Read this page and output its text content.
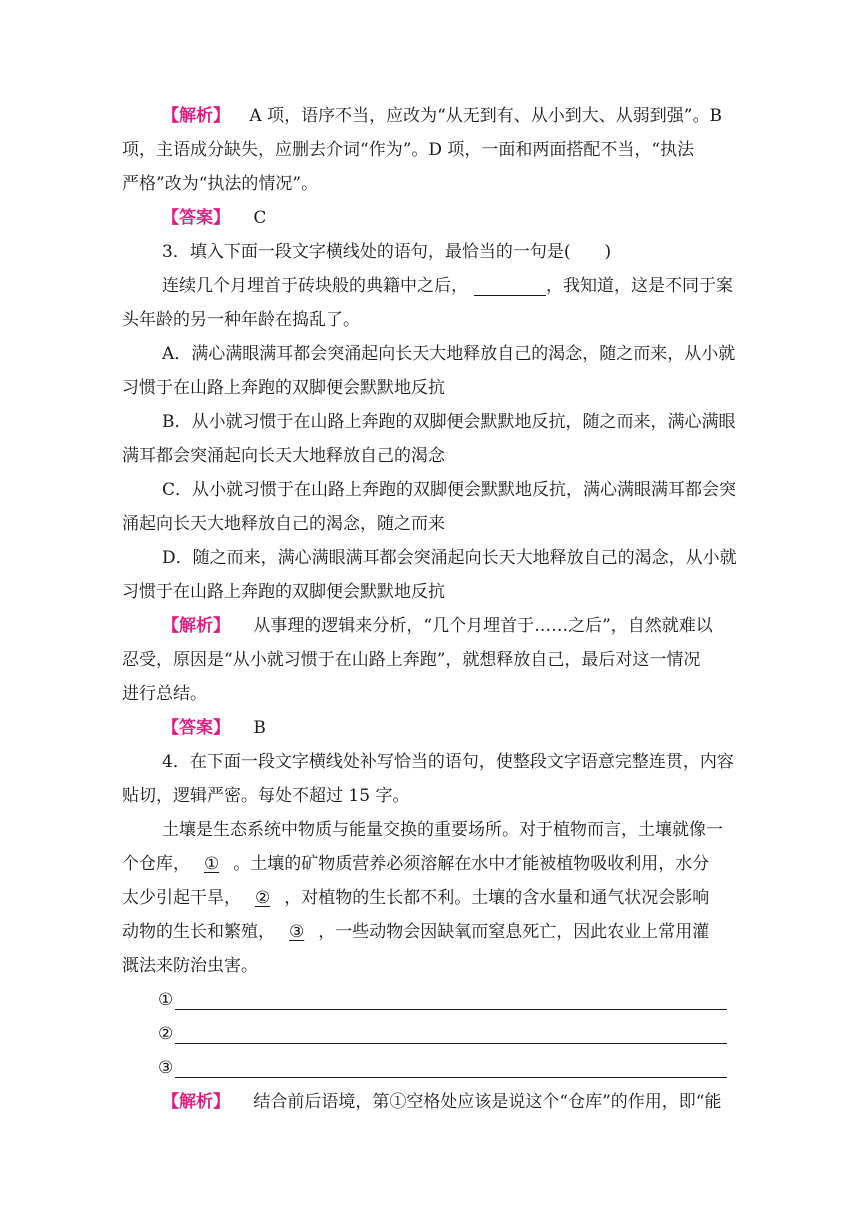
【解析】 A 项，语序不当，应改为“从无到有、从小到大、从弱到强”。B
项，主语成分缺失，应删去介词“作为”。D 项，一面和两面搭配不当，“执法
严格”改为“执法的情况”。
【答案】 C
3．填入下面一段文字横线处的语句，最恰当的一句是(　　)
连续几个月埋首于砖块般的典籍中之后，	，我知道，这是不同于案
头年龄的另一种年龄在捣乱了。
A．满心满眼满耳都会突涌起向长天大地释放自己的渴念，随之而来，从小就
习惯于在山路上奔跑的双脚便会默默地反抗
B．从小就习惯于在山路上奔跑的双脚便会默默地反抗，随之而来，满心满眼
满耳都会突涌起向长天大地释放自己的渴念
C．从小就习惯于在山路上奔跑的双脚便会默默地反抗，满心满眼满耳都会突
涌起向长天大地释放自己的渴念，随之而来
D．随之而来，满心满眼满耳都会突涌起向长天大地释放自己的渴念，从小就
习惯于在山路上奔跑的双脚便会默默地反抗
【解析】 从事理的逻辑来分析，“几个月埋首于……之后”，自然就难以
忍受，原因是“从小就习惯于在山路上奔跑”，就想释放自己，最后对这一情况
进行总结。
【答案】 B
4．在下面一段文字横线处补写恰当的语句，使整段文字语意完整连贯，内容
贴切，逻辑严密。每处不超过 15 字。
土壤是生态系统中物质与能量交换的重要场所。对于植物而言，土壤就像一
个仓库， ① 。土壤的矿物质营养必须溶解在水中才能被植物吸收利用，水分
太少引起干旱， ② ，对植物的生长都不利。土壤的含水量和通气状况会影响
动物的生长和繁殖， ③ ，一些动物会因缺氧而窒息死亡，因此农业上常用灌
溉法来防治虫害。
①
②
③
【解析】 结合前后语境，第①空格处应该是说这个“仓库”的作用，即“能
